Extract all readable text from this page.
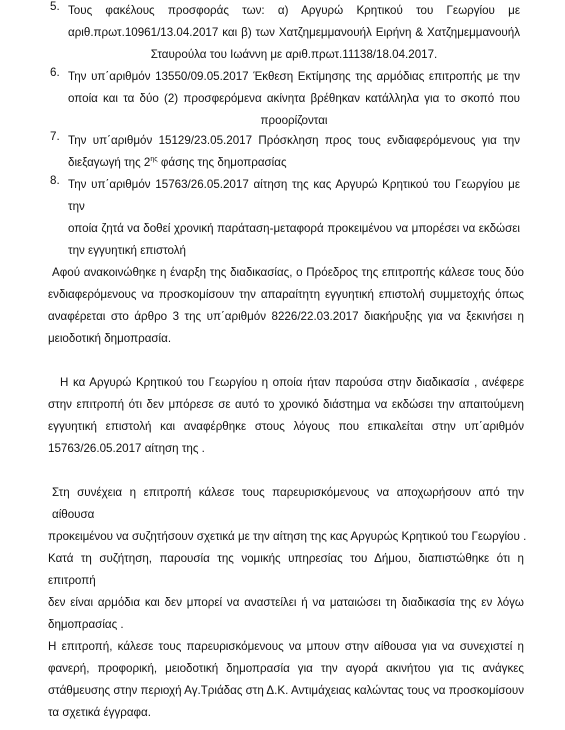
5. Τους φακέλους προσφοράς των: α) Αργυρώ Κρητικού του Γεωργίου με
αριθ.πρωτ.10961/13.04.2017 και β) των Χατζημεμμανουήλ Ειρήνη & Χατζημεμμανουήλ
Σταυρούλα του Ιωάννη με αριθ.πρωτ.11138/18.04.2017.
6. Την υπ΄αριθμόν 13550/09.05.2017 Έκθεση Εκτίμησης της αρμόδιας επιτροπής με την
οποία και τα δύο (2) προσφερόμενα ακίνητα βρέθηκαν κατάλληλα για το σκοπό που
προορίζονται
7. Την υπ΄αριθμόν 15129/23.05.2017 Πρόσκληση προς τους ενδιαφερόμενους για την
διεξαγωγή της $2^{\eta\varsigma}$ φάσης της δημοπρασίας
8. Την υπ΄αριθμόν 15763/26.05.2017 αίτηση της κας Αργυρώ Κρητικού του Γεωργίου με την
οποία ζητά να δοθεί χρονική παράταση-μεταφορά προκειμένου να μπορέσει να εκδώσει
την εγγυητική επιστολή
Αφού ανακοινώθηκε η έναρξη της διαδικασίας, ο Πρόεδρος της επιτροπής κάλεσε τους δύο
ενδιαφερόμενους να προσκομίσουν την απαραίτητη εγγυητική επιστολή συμμετοχής όπως
αναφέρεται στο άρθρο 3 της υπ΄αριθμόν 8226/22.03.2017 διακήρυξης για να ξεκινήσει η
μειοδοτική δημοπρασία.
Η κα Αργυρώ Κρητικού του Γεωργίου η οποία ήταν παρούσα στην διαδικασία , ανέφερε
στην επιτροπή ότι δεν μπόρεσε σε αυτό το χρονικό διάστημα να εκδώσει την απαιτούμενη
εγγυητική επιστολή και αναφέρθηκε στους λόγους που επικαλείται στην υπ΄αριθμόν
15763/26.05.2017 αίτηση της .
Στη συνέχεια η επιτροπή κάλεσε τους παρευρισκόμενους να αποχωρήσουν από την αίθουσα
προκειμένου να συζητήσουν σχετικά με την αίτηση της κας Αργυρώς Κρητικού του Γεωργίου .
Κατά τη συζήτηση, παρουσία της νομικής υπηρεσίας του Δήμου, διαπιστώθηκε ότι η επιτροπή
δεν είναι αρμόδια και δεν μπορεί να αναστείλει ή να ματαιώσει τη διαδικασία της εν λόγω
δημοπρασίας .
Η επιτροπή, κάλεσε τους παρευρισκόμενους να μπουν στην αίθουσα για να συνεχιστεί η
φανερή, προφορική, μειοδοτική δημοπρασία για την αγορά ακινήτου για τις ανάγκες
στάθμευσης στην περιοχή Αγ.Τριάδας στη Δ.Κ. Αντιμάχειας καλώντας τους να προσκομίσουν
τα σχετικά έγγραφα.
